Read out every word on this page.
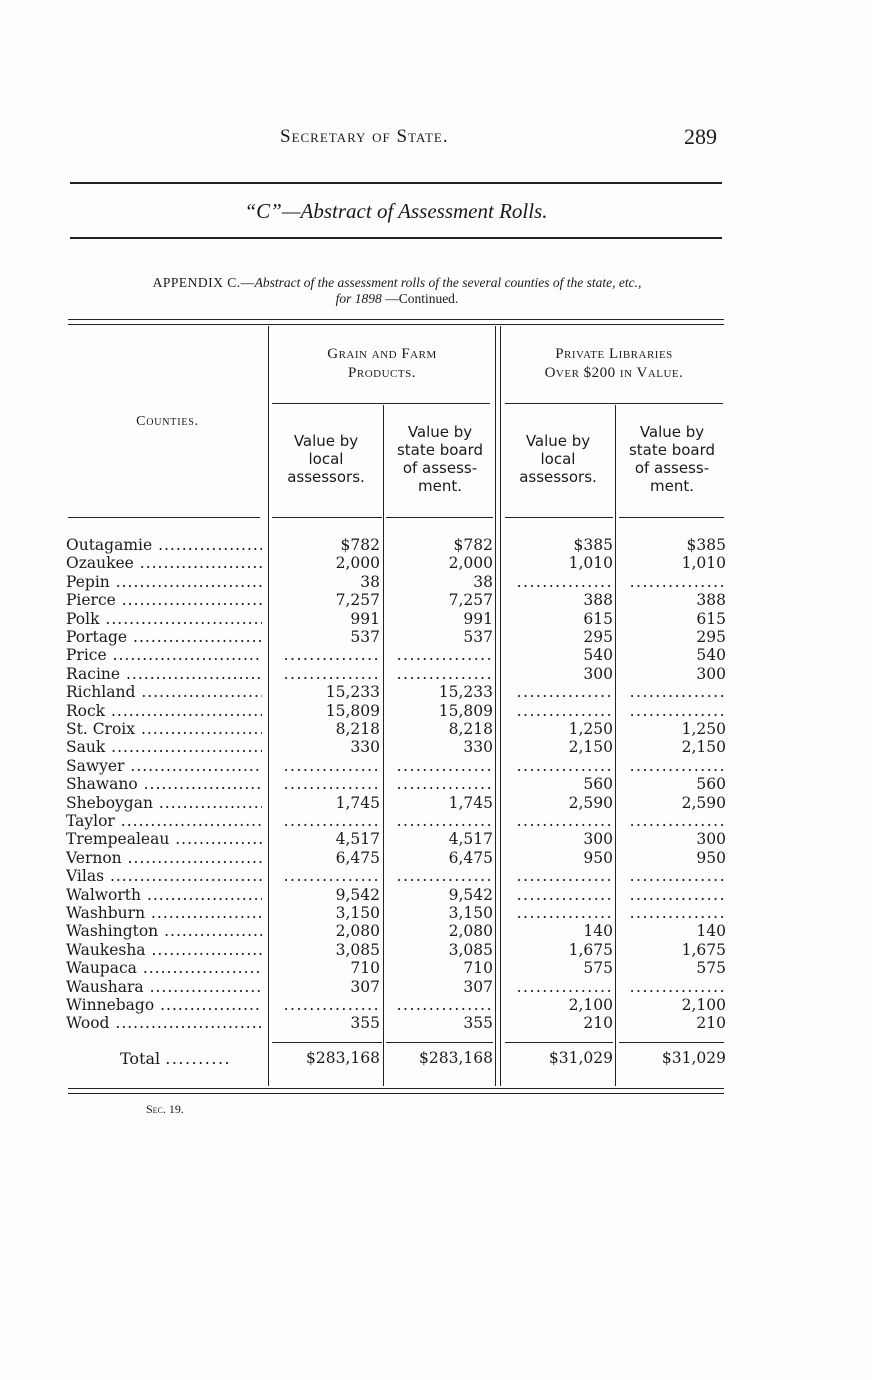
Secretary of State.	289
“C”—Abstract of Assessment Rolls.
APPENDIX C.—Abstract of the assessment rolls of the several counties of the state, etc.,
for 1898 —Continued.
Grain and Farm
Products.
Private Libraries
Over $200 in Value.
Counties.
Value by
local
assessors.
Value by
state board
of assess-
ment.
Value by
local
assessors.
Value by
state board
of assess-
ment.
Outagamie .....	$782	$782	$385	$385
Ozaukee .....	2,000	2,000	1,010	1,010
Pepin .....	38	38	...............	...............
Pierce .....	7,257	7,257	388	388
Polk .....	991	991	615	615
Portage .....	537	537	295	295
Price .....	...............	...............	540	540
Racine .....	...............	...............	300	300
Richland .....	15,233	15,233	...............	...............
Rock .....	15,809	15,809	...............	...............
St. Croix .....	8,218	8,218	1,250	1,250
Sauk .....	330	330	2,150	2,150
Sawyer .....	...............	...............	...............	...............
Shawano .....	...............	...............	560	560
Sheboygan .....	1,745	1,745	2,590	2,590
Taylor .....	...............	...............	...............	...............
Trempealeau .....	4,517	4,517	300	300
Vernon .....	6,475	6,475	950	950
Vilas .....	...............	...............	...............	...............
Walworth .....	9,542	9,542	...............	...............
Washburn .....	3,150	3,150	...............	...............
Washington .....	2,080	2,080	140	140
Waukesha .....	3,085	3,085	1,675	1,675
Waupaca .....	710	710	575	575
Waushara .....	307	307	...............	...............
Winnebago .....	...............	...............	2,100	2,100
Wood .....	355	355	210	210
Total ..........	$283,168	$283,168	$31,029	$31,029
Sec. 19.
